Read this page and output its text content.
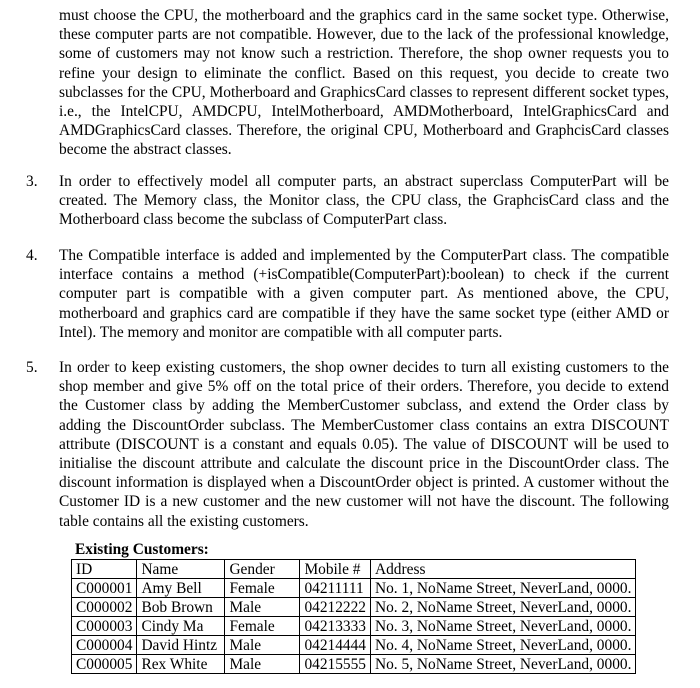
must choose the CPU, the motherboard and the graphics card in the same socket type. Otherwise, these computer parts are not compatible. However, due to the lack of the professional knowledge, some of customers may not know such a restriction. Therefore, the shop owner requests you to refine your design to eliminate the conflict. Based on this request, you decide to create two subclasses for the CPU, Motherboard and GraphicsCard classes to represent different socket types, i.e., the IntelCPU, AMDCPU, IntelMotherboard, AMDMotherboard, IntelGraphicsCard and AMDGraphicsCard classes. Therefore, the original CPU, Motherboard and GraphcisCard classes become the abstract classes.

3. In order to effectively model all computer parts, an abstract superclass ComputerPart will be created. The Memory class, the Monitor class, the CPU class, the GraphcisCard class and the Motherboard class become the subclass of ComputerPart class.

4. The Compatible interface is added and implemented by the ComputerPart class. The compatible interface contains a method (+isCompatible(ComputerPart):boolean) to check if the current computer part is compatible with a given computer part. As mentioned above, the CPU, motherboard and graphics card are compatible if they have the same socket type (either AMD or Intel). The memory and monitor are compatible with all computer parts.

5. In order to keep existing customers, the shop owner decides to turn all existing customers to the shop member and give 5% off on the total price of their orders. Therefore, you decide to extend the Customer class by adding the MemberCustomer subclass, and extend the Order class by adding the DiscountOrder subclass. The MemberCustomer class contains an extra DISCOUNT attribute (DISCOUNT is a constant and equals 0.05). The value of DISCOUNT will be used to initialise the discount attribute and calculate the discount price in the DiscountOrder class. The discount information is displayed when a DiscountOrder object is printed. A customer without the Customer ID is a new customer and the new customer will not have the discount. The following table contains all the existing customers.

Existing Customers:

ID	Name	Gender	Mobile #	Address
C000001	Amy Bell	Female	04211111	No. 1, NoName Street, NeverLand, 0000.
C000002	Bob Brown	Male	04212222	No. 2, NoName Street, NeverLand, 0000.
C000003	Cindy Ma	Female	04213333	No. 3, NoName Street, NeverLand, 0000.
C000004	David Hintz	Male	04214444	No. 4, NoName Street, NeverLand, 0000.
C000005	Rex White	Male	04215555	No. 5, NoName Street, NeverLand, 0000.
